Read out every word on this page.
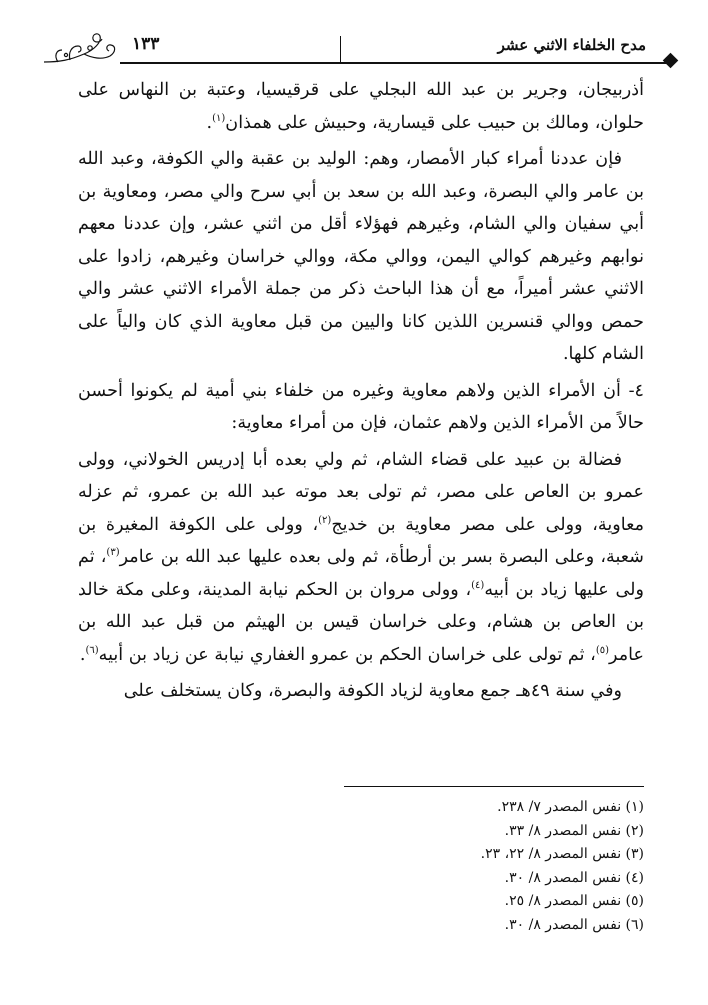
مدح الخلفاء الاثني عشر
١٣٣

أذربيجان، وجرير بن عبد الله البجلي على قرقيسيا، وعتبة بن النهاس على حلوان، ومالك بن حبيب على قيسارية، وحبيش على همذان$^{(١)}$.

فإن عددنا أمراء كبار الأمصار، وهم: الوليد بن عقبة والي الكوفة، وعبد الله بن عامر والي البصرة، وعبد الله بن سعد بن أبي سرح والي مصر، ومعاوية بن أبي سفيان والي الشام، وغيرهم فهؤلاء أقل من اثني عشر، وإن عددنا معهم نوابهم وغيرهم كوالي اليمن، ووالي مكة، ووالي خراسان وغيرهم، زادوا على الاثني عشر أميراً، مع أن هذا الباحث ذكر من جملة الأمراء الاثني عشر والي حمص ووالي قنسرين اللذين كانا واليين من قبل معاوية الذي كان والياً على الشام كلها.

٤- أن الأمراء الذين ولاهم معاوية وغيره من خلفاء بني أمية لم يكونوا أحسن حالاً من الأمراء الذين ولاهم عثمان، فإن من أمراء معاوية:

فضالة بن عبيد على قضاء الشام، ثم ولي بعده أبا إدريس الخولاني، وولى عمرو بن العاص على مصر، ثم تولى بعد موته عبد الله بن عمرو، ثم عزله معاوية، وولى على مصر معاوية بن خديج$^{(٢)}$، وولى على الكوفة المغيرة بن شعبة، وعلى البصرة بسر بن أرطأة، ثم ولى بعده عليها عبد الله بن عامر$^{(٣)}$، ثم ولى عليها زياد بن أبيه$^{(٤)}$، وولى مروان بن الحكم نيابة المدينة، وعلى مكة خالد بن العاص بن هشام، وعلى خراسان قيس بن الهيثم من قبل عبد الله بن عامر$^{(٥)}$، ثم تولى على خراسان الحكم بن عمرو الغفاري نيابة عن زياد بن أبيه$^{(٦)}$.

وفي سنة ٤٩هـ جمع معاوية لزياد الكوفة والبصرة، وكان يستخلف على

(١) نفس المصدر ٧/ ٢٣٨.
(٢) نفس المصدر ٨/ ٣٣.
(٣) نفس المصدر ٨/ ٢٢، ٢٣.
(٤) نفس المصدر ٨/ ٣٠.
(٥) نفس المصدر ٨/ ٢٥.
(٦) نفس المصدر ٨/ ٣٠.
